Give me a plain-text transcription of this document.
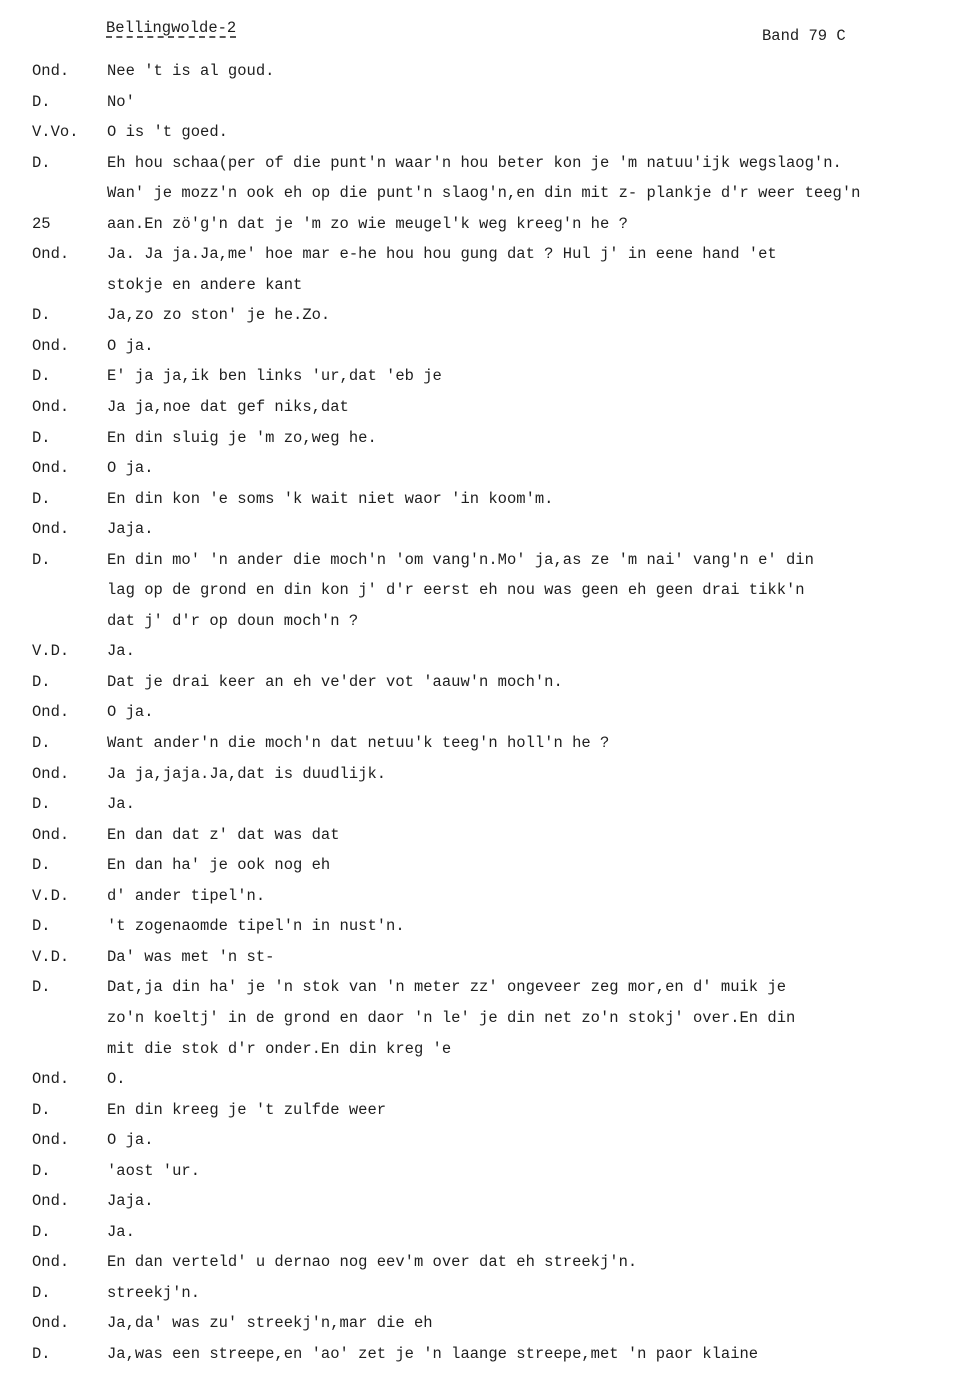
Bellingwolde-2	Band 79 C
Ond. Nee 't is al goud.
D.	No'
V.Vo. O is 't goed.
D.	Eh hou schaa(per of die punt'n waar'n hou beter kon je 'm natuu'ijk wegslaog'n.
Wan' je mozz'n ook eh op die punt'n slaog'n,en din mit z- plankje d'r weer teeg'n
25	aan.En zö'g'n dat je 'm zo wie meugel'k weg kreeg'n he ?
Ond. Ja. Ja ja.Ja,me' hoe mar e-he hou hou gung dat ? Hul j' in eene hand 'et
stokje en andere kant
D.	Ja,zo zo ston' je he.Zo.
Ond. O ja.
D.	E' ja ja,ik ben links 'ur,dat 'eb je
Ond. Ja ja,noe dat gef niks,dat
D.	En din sluig je 'm zo,weg he.
Ond. O ja.
D.	En din kon 'e soms 'k wait niet waor 'in koom'm.
Ond. Jaja.
D.	En din mo' 'n ander die moch'n 'om vang'n.Mo' ja,as ze 'm nai' vang'n e' din
lag op de grond en din kon j' d'r eerst eh nou was geen eh geen drai tikk'n
dat j' d'r op doun moch'n ?
V.D. Ja.
D.	Dat je drai keer an eh ve'der vot 'aauw'n moch'n.
Ond. O ja.
D.	Want ander'n die moch'n dat netuu'k teeg'n holl'n he ?
Ond. Ja ja,jaja.Ja,dat is duudlijk.
D.	Ja.
Ond. En dan dat z' dat was dat
D.	En dan ha' je ook nog eh
V.D. d' ander tipel'n.
D.	't zogenaomde tipel'n in nust'n.
V.D. Da' was met 'n st-
D.	Dat,ja din ha' je 'n stok van 'n meter zz' ongeveer zeg mor,en d' muik je
zo'n koeltj' in de grond en daor 'n le' je din net zo'n stokj' over.En din
mit die stok d'r onder.En din kreg 'e
Ond. O.
D.	En din kreeg je 't zulfde weer
Ond. O ja.
D.	'aost 'ur.
Ond. Jaja.
D.	Ja.
Ond. En dan verteld' u dernao nog eev'm over dat eh streekj'n.
D.	streekj'n.
Ond. Ja,da' was zu' streekj'n,mar die eh
D.	Ja,was een streepe,en 'ao' zet je 'n laange streepe,met 'n paor klaine
